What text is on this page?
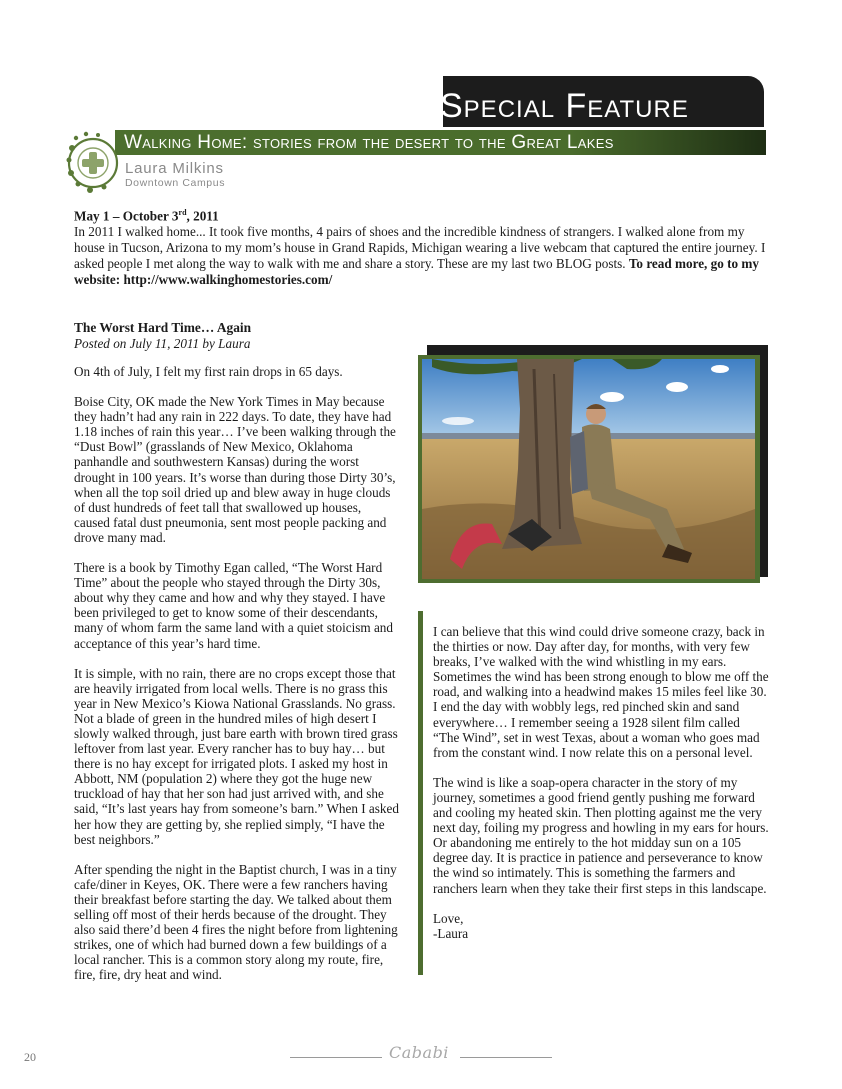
Special Feature
Walking Home: stories from the desert to the Great Lakes
Laura Milkins
Downtown Campus
May 1 – October 3rd, 2011
In 2011 I walked home... It took five months, 4 pairs of shoes and the incredible kindness of strangers. I walked alone from my house in Tucson, Arizona to my mom’s house in Grand Rapids, Michigan wearing a live webcam that captured the entire journey. I asked people I met along the way to walk with me and share a story. These are my last two BLOG posts. To read more, go to my website: http://www.walkinghomestories.com/
The Worst Hard Time… Again
Posted on July 11, 2011 by Laura

On 4th of July, I felt my first rain drops in 65 days.

Boise City, OK made the New York Times in May because they hadn’t had any rain in 222 days. To date, they have had 1.18 inches of rain this year… I’ve been walking through the “Dust Bowl” (grasslands of New Mexico, Oklahoma panhandle and southwestern Kansas) during the worst drought in 100 years. It’s worse than during those Dirty 30’s, when all the top soil dried up and blew away in huge clouds of dust hundreds of feet tall that swallowed up houses, caused fatal dust pneumonia, sent most people packing and drove many mad.

There is a book by Timothy Egan called, “The Worst Hard Time” about the people who stayed through the Dirty 30s, about why they came and how and why they stayed. I have been privileged to get to know some of their descendants, many of whom farm the same land with a quiet stoicism and acceptance of this year’s hard time.

It is simple, with no rain, there are no crops except those that are heavily irrigated from local wells. There is no grass this year in New Mexico’s Kiowa National Grasslands. No grass. Not a blade of green in the hundred miles of high desert I slowly walked through, just bare earth with brown tired grass leftover from last year. Every rancher has to buy hay… but there is no hay except for irrigated plots. I asked my host in Abbott, NM (population 2) where they got the huge new truckload of hay that her son had just arrived with, and she said, “It’s last years hay from someone’s barn.” When I asked her how they are getting by, she replied simply, “I have the best neighbors.”

After spending the night in the Baptist church, I was in a tiny cafe/diner in Keyes, OK. There were a few ranchers having their breakfast before starting the day. We talked about them selling off most of their herds because of the drought. They also said there’d been 4 fires the night before from lightening strikes, one of which had burned down a few buildings of a local rancher. This is a common story along my route, fire, fire, fire, dry heat and wind.

I can believe that this wind could drive someone crazy, back in the thirties or now. Day after day, for months, with very few breaks, I’ve walked with the wind whistling in my ears. Sometimes the wind has been strong enough to blow me off the road, and walking into a headwind makes 15 miles feel like 30. I end the day with wobbly legs, red pinched skin and sand everywhere… I remember seeing a 1928 silent film called “The Wind”, set in west Texas, about a woman who goes mad from the constant wind. I now relate this on a personal level.

The wind is like a soap-opera character in the story of my journey, sometimes a good friend gently pushing me forward and cooling my heated skin. Then plotting against me the very next day, foiling my progress and howling in my ears for hours. Or abandoning me entirely to the hot midday sun on a 105 degree day. It is practice in patience and perseverance to know the wind so intimately. This is something the farmers and ranchers learn when they take their first steps in this landscape.

Love,
-Laura

20	Cababi
